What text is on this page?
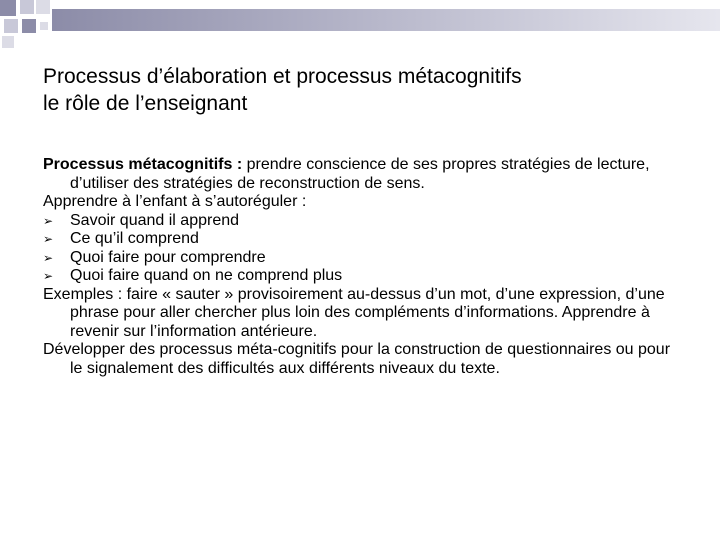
Processus d’élaboration et processus métacognitifs
le rôle de l’enseignant

Processus métacognitifs : prendre conscience de ses propres stratégies de lecture, d’utiliser des stratégies de reconstruction de sens.

Apprendre à l’enfant à s’autoréguler :

➢ Savoir quand il apprend

➢ Ce qu’il comprend

➢ Quoi faire pour comprendre

➢ Quoi faire quand on ne comprend plus

Exemples : faire « sauter » provisoirement au-dessus d’un mot, d’une expression, d’une phrase pour aller chercher plus loin des compléments d’informations. Apprendre à revenir sur l’information antérieure.

Développer des processus méta-cognitifs pour la construction de questionnaires ou pour le signalement des difficultés aux différents niveaux du texte.
